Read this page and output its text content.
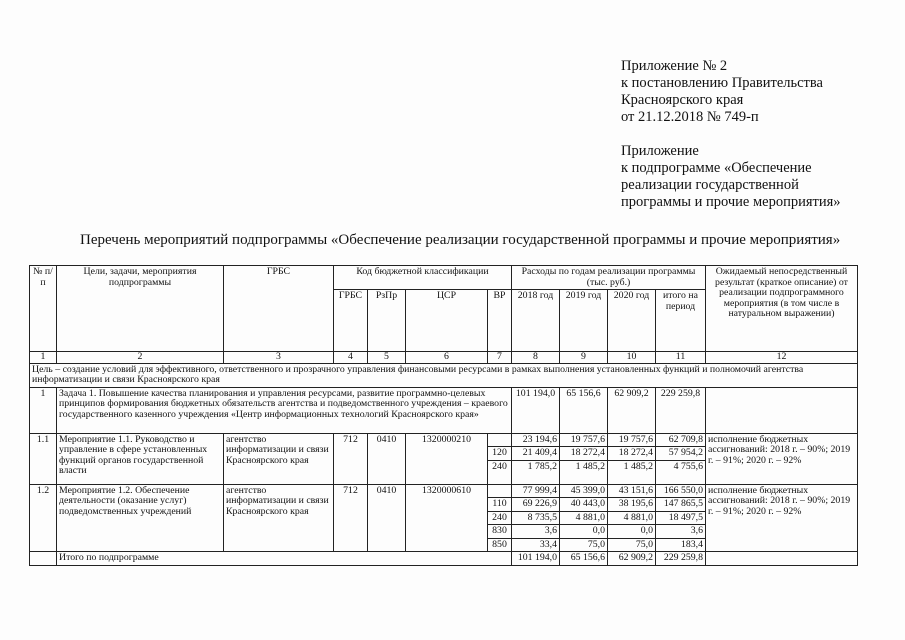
Приложение № 2
к постановлению Правительства
Красноярского края
от 21.12.2018 № 749-п
Приложение
к подпрограмме «Обеспечение
реализации государственной
программы и прочие мероприятия»
Перечень мероприятий подпрограммы «Обеспечение реализации государственной программы и прочие мероприятия»
№ п/п	Цели, задачи, мероприятия подпрограммы	ГРБС	Код бюджетной классификации				Расходы по годам реализации программы (тыс. руб.)				Ожидаемый непосредственный результат (краткое описание) от реализации подпрограммного мероприятия (в том числе в натуральном выражении)
			ГРБС	РзПр	ЦСР	ВР	2018 год	2019 год	2020 год	итого на период	
1	2	3	4	5	6	7	8	9	10	11	12
Цель – создание условий для эффективного, ответственного и прозрачного управления финансовыми ресурсами в рамках выполнения установленных функций и полномочий агентства информатизации и связи Красноярского края											
1	Задача 1. Повышение качества планирования и управления ресурсами, развитие программно-целевых принципов формирования бюджетных обязательств агентства и подведомственного учреждения – краевого государственного казенного учреждения «Центр информационных технологий Красноярского края»						101 194,0	65 156,6	62 909,2	229 259,8	
1.1	Мероприятие 1.1. Руководство и управление в сфере установленных функций органов государственной власти	агентство информатизации и связи Красноярского края	712	0410	1320000210		23 194,6	19 757,6	19 757,6	62 709,8	исполнение бюджетных ассигнований: 2018 г. – 90%; 2019 г. – 91%; 2020 г. – 92%
						120	21 409,4	18 272,4	18 272,4	57 954,2	
						240	1 785,2	1 485,2	1 485,2	4 755,6	
1.2	Мероприятие 1.2. Обеспечение деятельности (оказание услуг) подведомственных учреждений	агентство информатизации и связи Красноярского края	712	0410	1320000610		77 999,4	45 399,0	43 151,6	166 550,0	исполнение бюджетных ассигнований: 2018 г. – 90%; 2019 г. – 91%; 2020 г. – 92%
						110	69 226,9	40 443,0	38 195,6	147 865,5	
						240	8 735,5	4 881,0	4 881,0	18 497,5	
						830	3,6	0,0	0,0	3,6	
						850	33,4	75,0	75,0	183,4	
	Итого по подпрограмме						101 194,0	65 156,6	62 909,2	229 259,8	
